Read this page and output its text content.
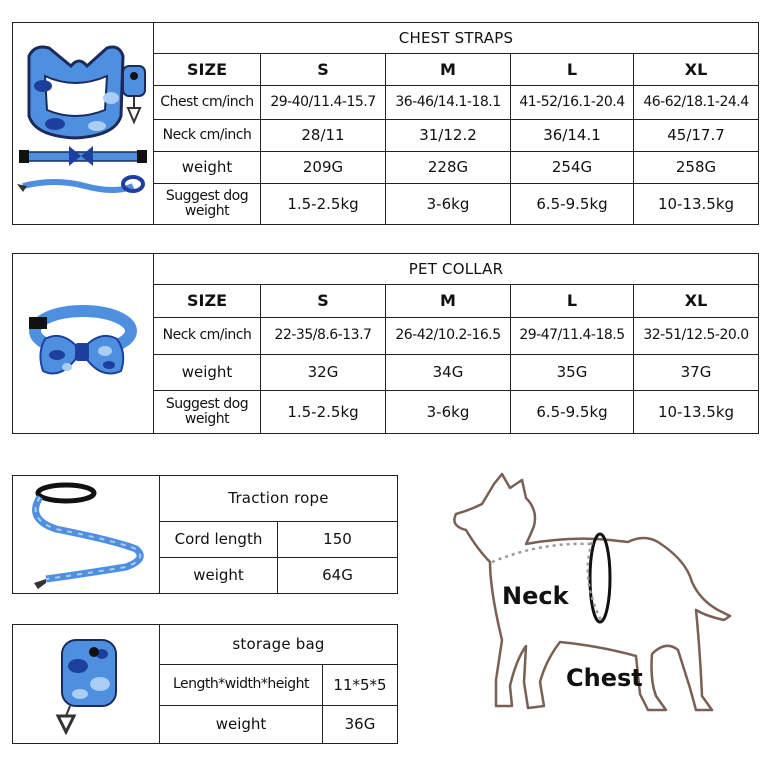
	CHEST STRAPS				
	SIZE	S	M	L	XL
	Chest cm/inch	29-40/11.4-15.7	36-46/14.1-18.1	41-52/16.1-20.4	46-62/18.1-24.4
	Neck cm/inch	28/11	31/12.2	36/14.1	45/17.7
	weight	209G	228G	254G	258G
	Suggest dog weight	1.5-2.5kg	3-6kg	6.5-9.5kg	10-13.5kg
	PET COLLAR				
	SIZE	S	M	L	XL
	Neck cm/inch	22-35/8.6-13.7	26-42/10.2-16.5	29-47/11.4-18.5	32-51/12.5-20.0
	weight	32G	34G	35G	37G
	Suggest dog weight	1.5-2.5kg	3-6kg	6.5-9.5kg	10-13.5kg
	Traction rope	
	Cord length	150
	weight	64G
	storage bag	
	Length*width*height	11*5*5
	weight	36G
Neck
Chest
